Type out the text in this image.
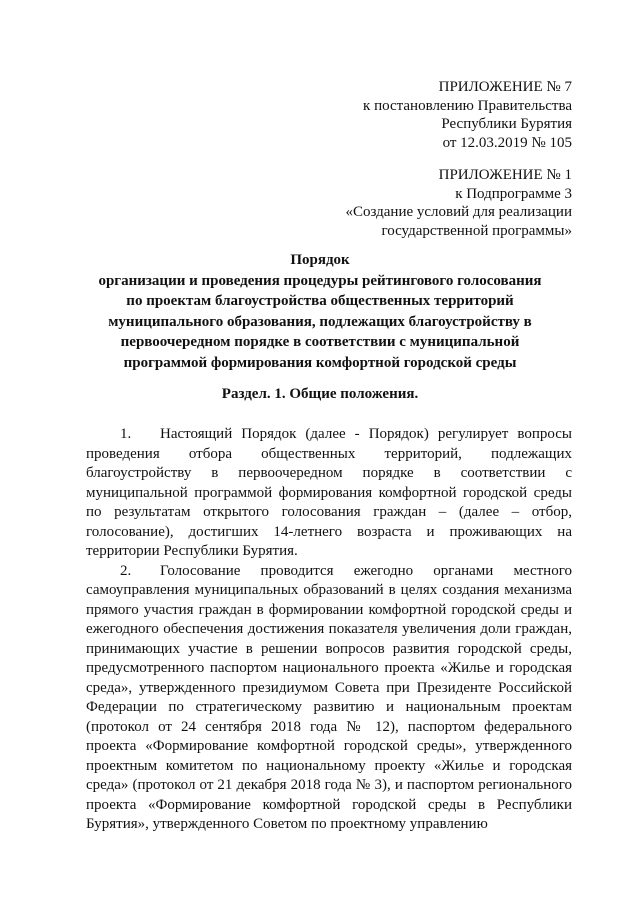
ПРИЛОЖЕНИЕ № 7
к постановлению Правительства
Республики Бурятия
от 12.03.2019 № 105
ПРИЛОЖЕНИЕ № 1
к Подпрограмме 3
«Создание условий для реализации
государственной программы»
Порядок
организации и проведения процедуры рейтингового голосования
по проектам благоустройства общественных территорий
муниципального образования, подлежащих благоустройству в
первоочередном порядке в соответствии с муниципальной
программой формирования комфортной городской среды
Раздел. 1. Общие положения.

1. Настоящий Порядок (далее - Порядок) регулирует вопросы проведения отбора общественных территорий, подлежащих благоустройству в первоочередном порядке в соответствии с муниципальной программой формирования комфортной городской среды по результатам открытого голосования граждан – (далее – отбор, голосование), достигших 14-летнего возраста и проживающих на территории Республики Бурятия.

2. Голосование проводится ежегодно органами местного самоуправления муниципальных образований в целях создания механизма прямого участия граждан в формировании комфортной городской среды и ежегодного обеспечения достижения показателя увеличения доли граждан, принимающих участие в решении вопросов развития городской среды, предусмотренного паспортом национального проекта «Жилье и городская среда», утвержденного президиумом Совета при Президенте Российской Федерации по стратегическому развитию и национальным проектам (протокол от 24 сентября 2018 года № 12), паспортом федерального проекта «Формирование комфортной городской среды», утвержденного проектным комитетом по национальному проекту «Жилье и городская среда» (протокол от 21 декабря 2018 года № 3), и паспортом регионального проекта «Формирование комфортной городской среды в Республики Бурятия», утвержденного Советом по проектному управлению
